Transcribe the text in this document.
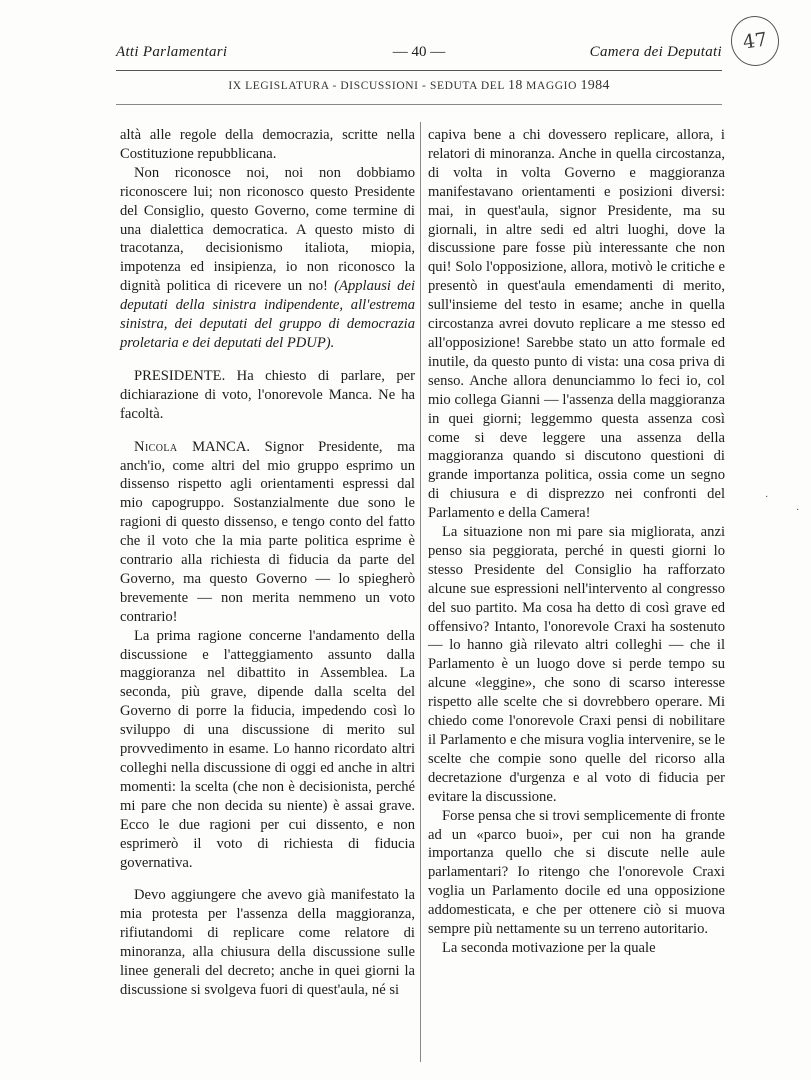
Atti Parlamentari	— 40 —	Camera dei Deputati 47
IX LEGISLATURA - DISCUSSIONI - SEDUTA DEL 18 MAGGIO 1984

altà alle regole della democrazia, scritte nella Costituzione repubblicana.

Non riconosce noi, noi non dobbiamo riconoscere lui; non riconosco questo Presidente del Consiglio, questo Governo, come termine di una dialettica democratica. A questo misto di tracotanza, decisionismo italiota, miopia, impotenza ed insipienza, io non riconosco la dignità politica di ricevere un no! (Applausi dei deputati della sinistra indipendente, all'estrema sinistra, dei deputati del gruppo di democrazia proletaria e dei deputati del PDUP).

PRESIDENTE. Ha chiesto di parlare, per dichiarazione di voto, l'onorevole Manca. Ne ha facoltà.

Nicola MANCA. Signor Presidente, ma anch'io, come altri del mio gruppo esprimo un dissenso rispetto agli orientamenti espressi dal mio capogruppo. Sostanzialmente due sono le ragioni di questo dissenso, e tengo conto del fatto che il voto che la mia parte politica esprime è contrario alla richiesta di fiducia da parte del Governo, ma questo Governo — lo spiegherò brevemente — non merita nemmeno un voto contrario!

La prima ragione concerne l'andamento della discussione e l'atteggiamento assunto dalla maggioranza nel dibattito in Assemblea. La seconda, più grave, dipende dalla scelta del Governo di porre la fiducia, impedendo così lo sviluppo di una discussione di merito sul provvedimento in esame. Lo hanno ricordato altri colleghi nella discussione di oggi ed anche in altri momenti: la scelta (che non è decisionista, perché mi pare che non decida su niente) è assai grave. Ecco le due ragioni per cui dissento, e non esprimerò il voto di richiesta di fiducia governativa.

Devo aggiungere che avevo già manifestato la mia protesta per l'assenza della maggioranza, rifiutandomi di replicare come relatore di minoranza, alla chiusura della discussione sulle linee generali del decreto; anche in quei giorni la discussione si svolgeva fuori di quest'aula, né si

capiva bene a chi dovessero replicare, allora, i relatori di minoranza. Anche in quella circostanza, di volta in volta Governo e maggioranza manifestavano orientamenti e posizioni diversi: mai, in quest'aula, signor Presidente, ma su giornali, in altre sedi ed altri luoghi, dove la discussione pare fosse più interessante che non qui! Solo l'opposizione, allora, motivò le critiche e presentò in quest'aula emendamenti di merito, sull'insieme del testo in esame; anche in quella circostanza avrei dovuto replicare a me stesso ed all'opposizione! Sarebbe stato un atto formale ed inutile, da questo punto di vista: una cosa priva di senso. Anche allora denunciammo lo feci io, col mio collega Gianni — l'assenza della maggioranza in quei giorni; leggemmo questa assenza così come si deve leggere una assenza della maggioranza quando si discutono questioni di grande importanza politica, ossia come un segno di chiusura e di disprezzo nei confronti del Parlamento e della Camera!

La situazione non mi pare sia migliorata, anzi penso sia peggiorata, perché in questi giorni lo stesso Presidente del Consiglio ha rafforzato alcune sue espressioni nell'intervento al congresso del suo partito. Ma cosa ha detto di così grave ed offensivo? Intanto, l'onorevole Craxi ha sostenuto — lo hanno già rilevato altri colleghi — che il Parlamento è un luogo dove si perde tempo su alcune «leggine», che sono di scarso interesse rispetto alle scelte che si dovrebbero operare. Mi chiedo come l'onorevole Craxi pensi di nobilitare il Parlamento e che misura voglia intervenire, se le scelte che compie sono quelle del ricorso alla decretazione d'urgenza e al voto di fiducia per evitare la discussione.

Forse pensa che si trovi semplicemente di fronte ad un «parco buoi», per cui non ha grande importanza quello che si discute nelle aule parlamentari? Io ritengo che l'onorevole Craxi voglia un Parlamento docile ed una opposizione addomesticata, e che per ottenere ciò si muova sempre più nettamente su un terreno autoritario.

La seconda motivazione per la quale

·
·
